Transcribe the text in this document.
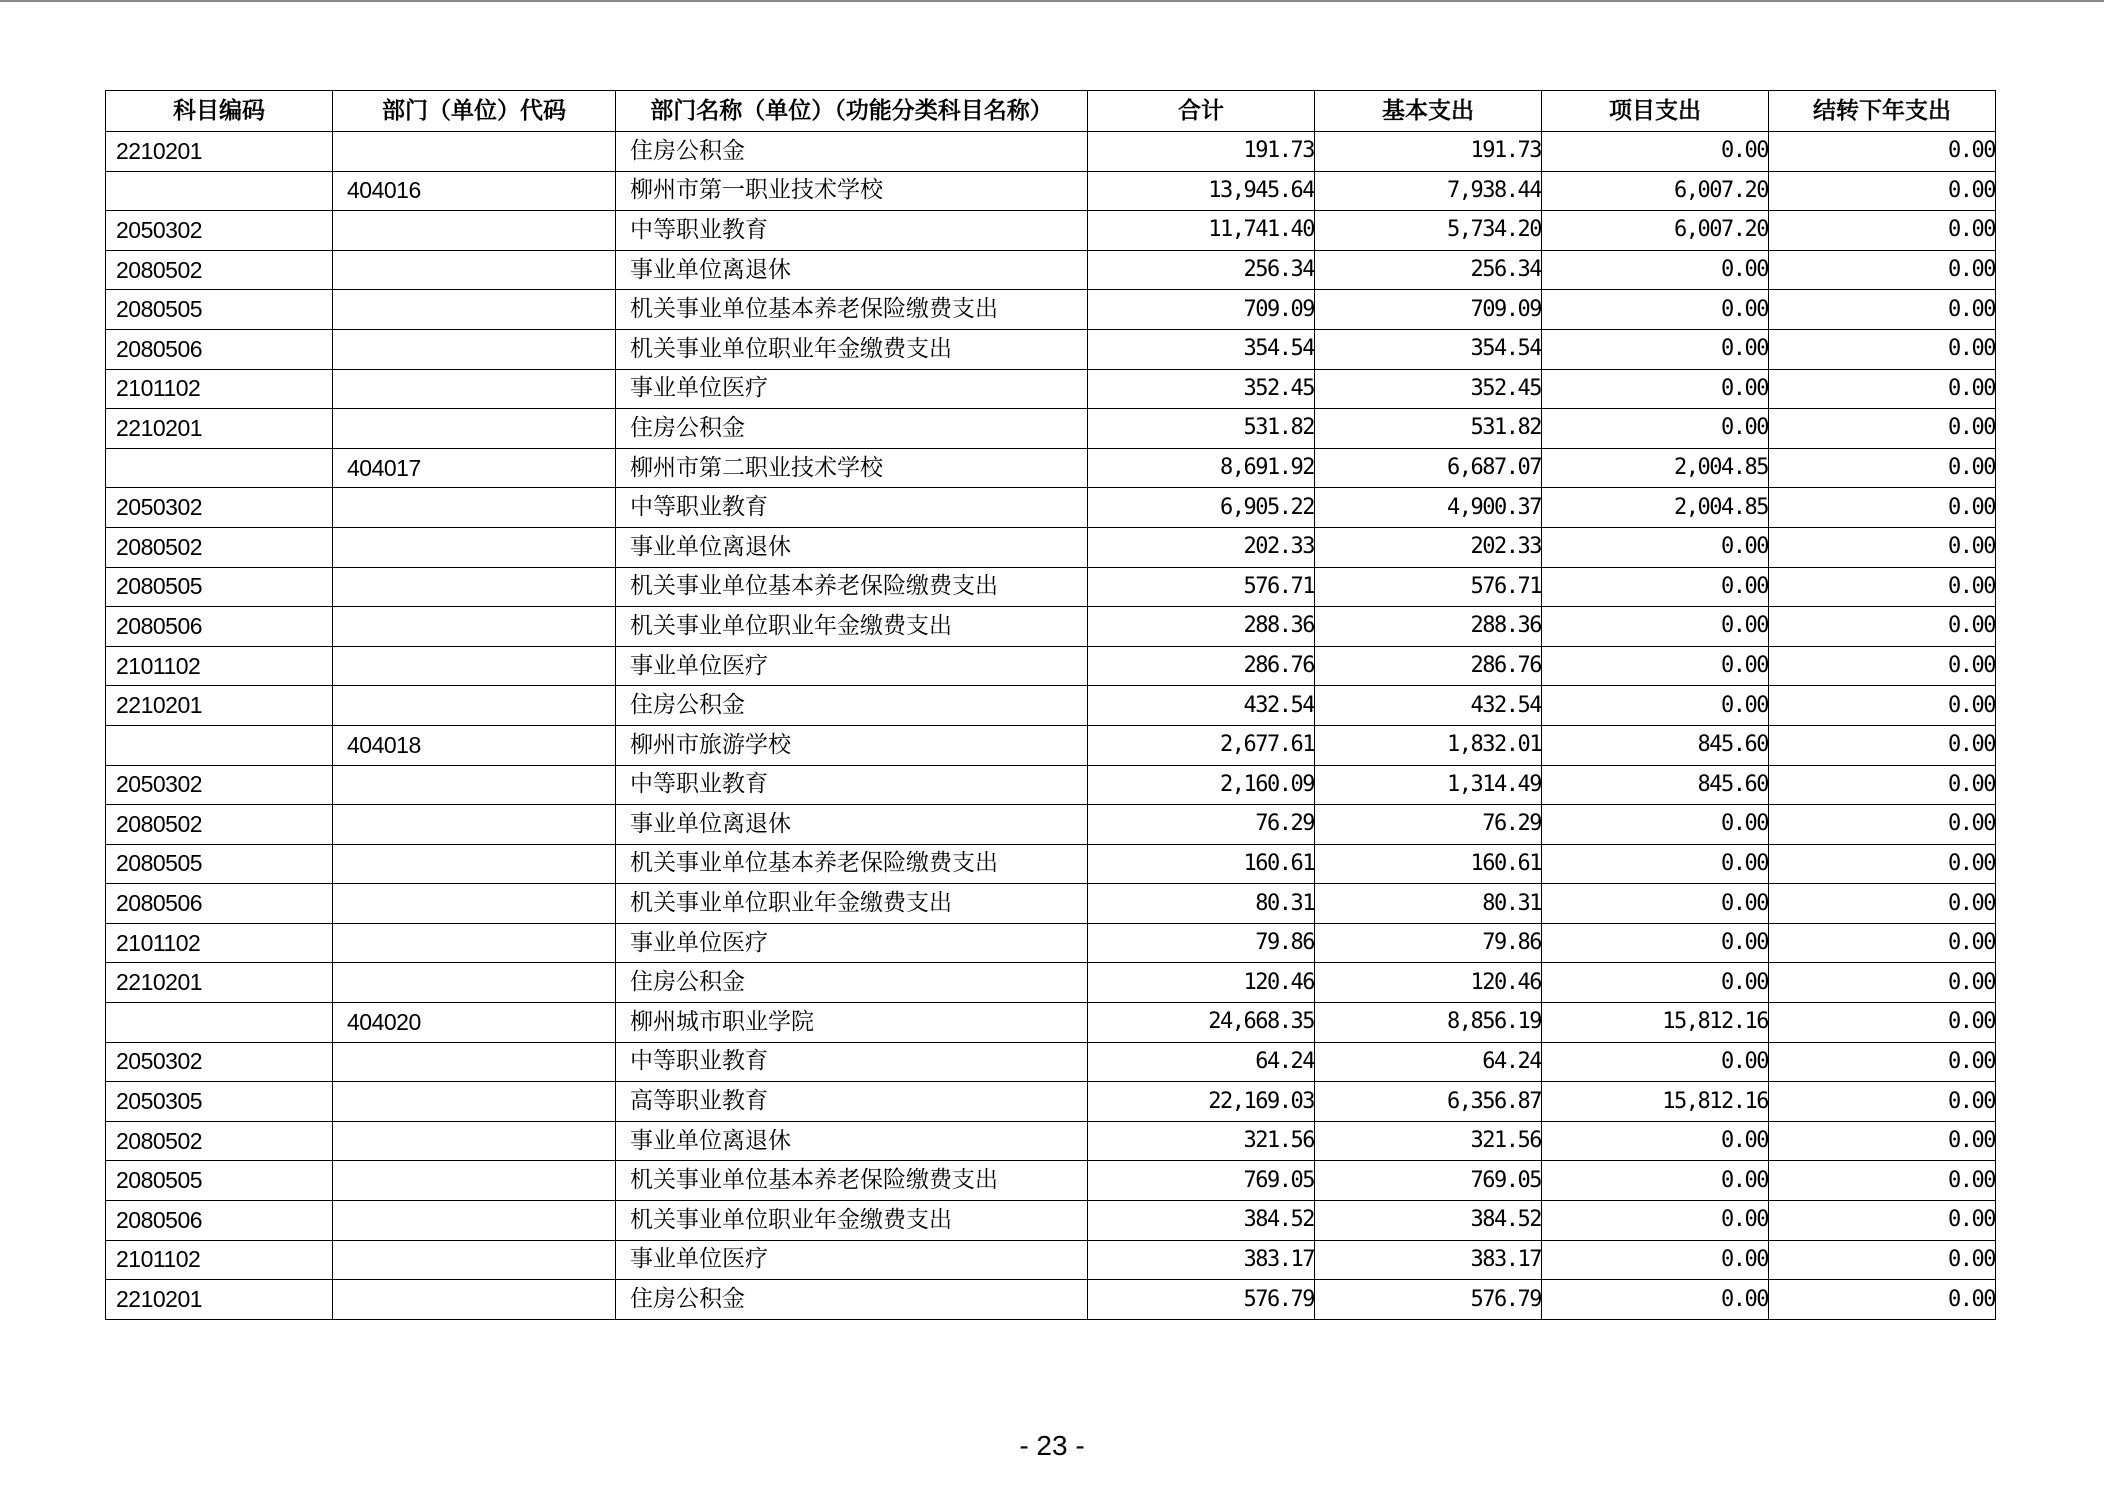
科目编码	部门（单位）代码	部门名称（单位）（功能分类科目名称）	合计	基本支出	项目支出	结转下年支出
2210201		住房公积金	191.73	191.73	0.00	0.00
	404016	柳州市第一职业技术学校	13,945.64	7,938.44	6,007.20	0.00
2050302		中等职业教育	11,741.40	5,734.20	6,007.20	0.00
2080502		事业单位离退休	256.34	256.34	0.00	0.00
2080505		机关事业单位基本养老保险缴费支出	709.09	709.09	0.00	0.00
2080506		机关事业单位职业年金缴费支出	354.54	354.54	0.00	0.00
2101102		事业单位医疗	352.45	352.45	0.00	0.00
2210201		住房公积金	531.82	531.82	0.00	0.00
	404017	柳州市第二职业技术学校	8,691.92	6,687.07	2,004.85	0.00
2050302		中等职业教育	6,905.22	4,900.37	2,004.85	0.00
2080502		事业单位离退休	202.33	202.33	0.00	0.00
2080505		机关事业单位基本养老保险缴费支出	576.71	576.71	0.00	0.00
2080506		机关事业单位职业年金缴费支出	288.36	288.36	0.00	0.00
2101102		事业单位医疗	286.76	286.76	0.00	0.00
2210201		住房公积金	432.54	432.54	0.00	0.00
	404018	柳州市旅游学校	2,677.61	1,832.01	845.60	0.00
2050302		中等职业教育	2,160.09	1,314.49	845.60	0.00
2080502		事业单位离退休	76.29	76.29	0.00	0.00
2080505		机关事业单位基本养老保险缴费支出	160.61	160.61	0.00	0.00
2080506		机关事业单位职业年金缴费支出	80.31	80.31	0.00	0.00
2101102		事业单位医疗	79.86	79.86	0.00	0.00
2210201		住房公积金	120.46	120.46	0.00	0.00
	404020	柳州城市职业学院	24,668.35	8,856.19	15,812.16	0.00
2050302		中等职业教育	64.24	64.24	0.00	0.00
2050305		高等职业教育	22,169.03	6,356.87	15,812.16	0.00
2080502		事业单位离退休	321.56	321.56	0.00	0.00
2080505		机关事业单位基本养老保险缴费支出	769.05	769.05	0.00	0.00
2080506		机关事业单位职业年金缴费支出	384.52	384.52	0.00	0.00
2101102		事业单位医疗	383.17	383.17	0.00	0.00
2210201		住房公积金	576.79	576.79	0.00	0.00
- 23 -
